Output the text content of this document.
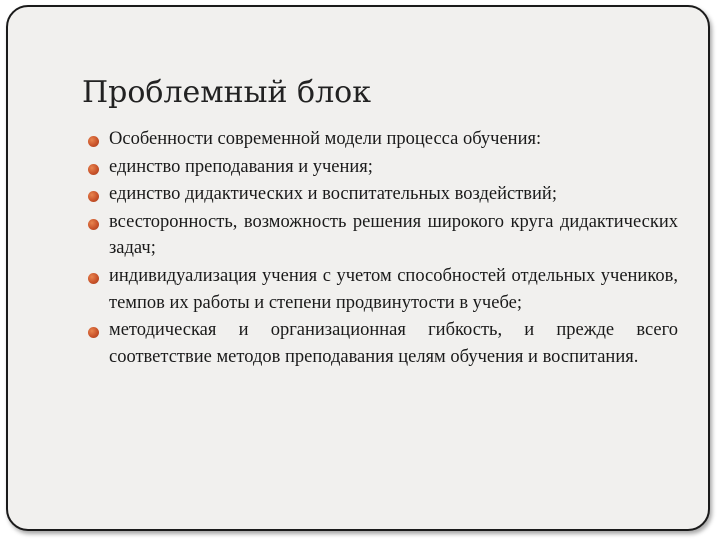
Проблемный блок
Особенности современной модели процесса обучения:
единство преподавания и учения;
единство дидактических и воспитательных воздействий;
всесторонность, возможность решения широкого круга дидактических задач;
индивидуализация учения с учетом способностей отдельных учеников, темпов их работы и степени продвинутости в учебе;
методическая и организационная гибкость, и прежде всего соответствие методов преподавания целям обучения и воспитания.
